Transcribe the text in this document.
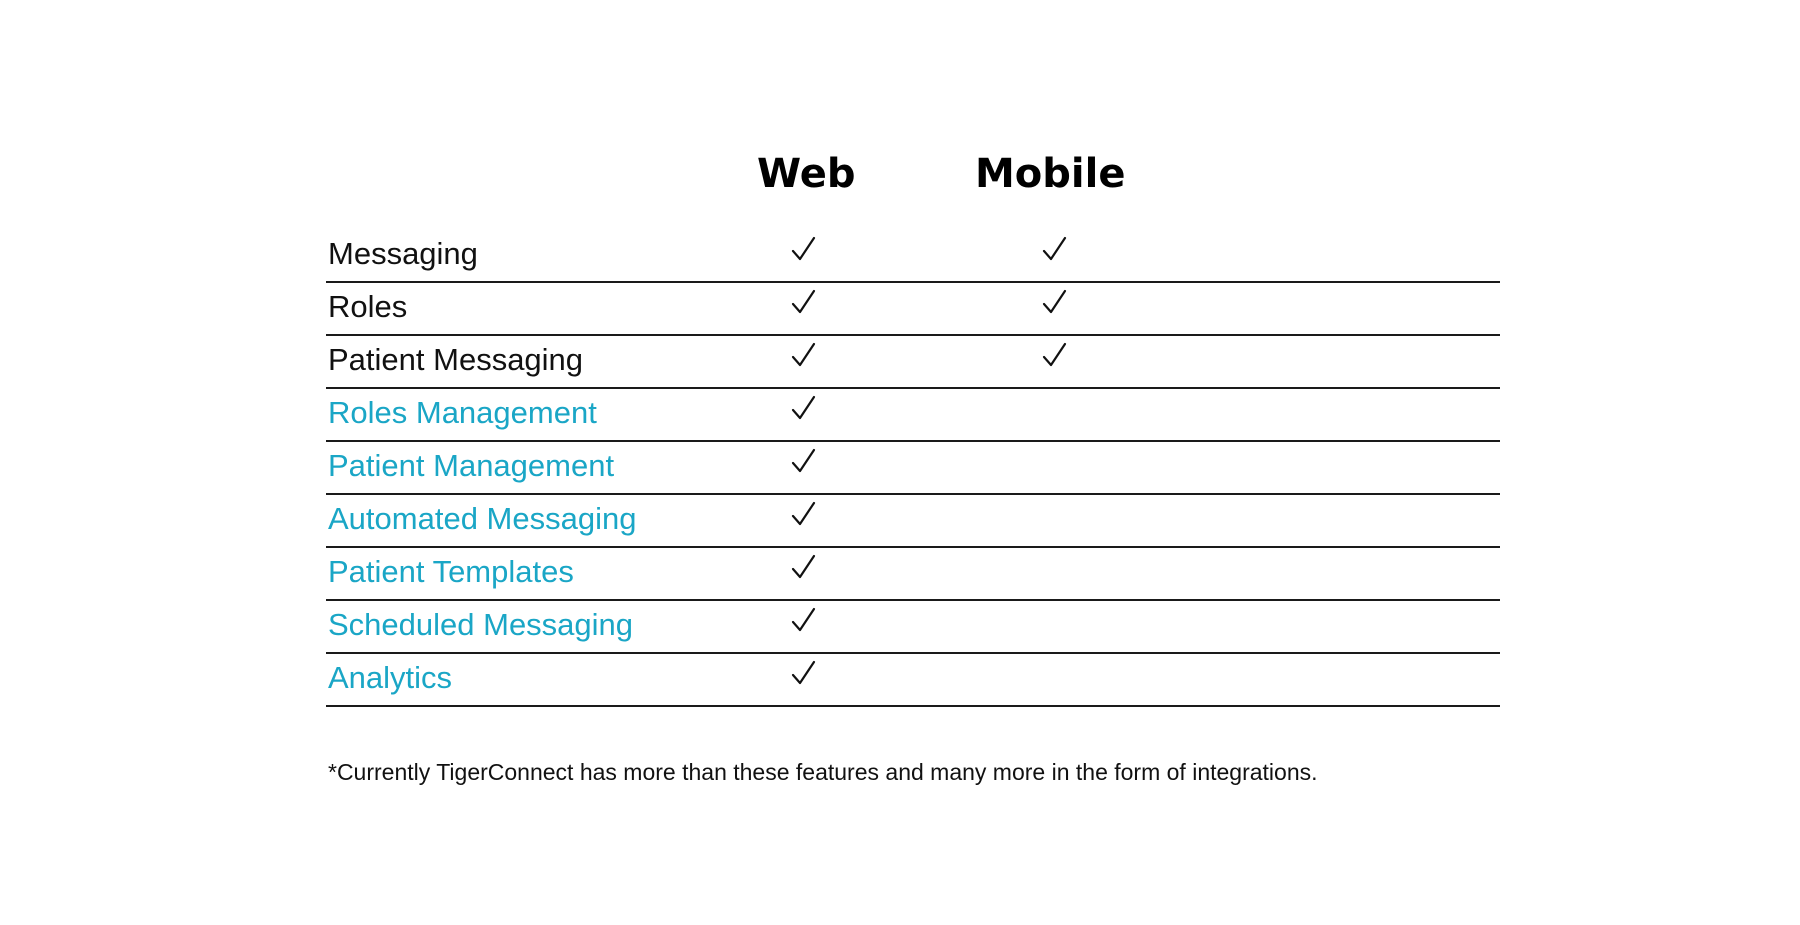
Web	Mobile
Messaging
Roles
Patient Messaging
Roles Management
Patient Management
Automated Messaging
Patient Templates
Scheduled Messaging
Analytics
*Currently TigerConnect has more than these features and many more in the form of integrations.
